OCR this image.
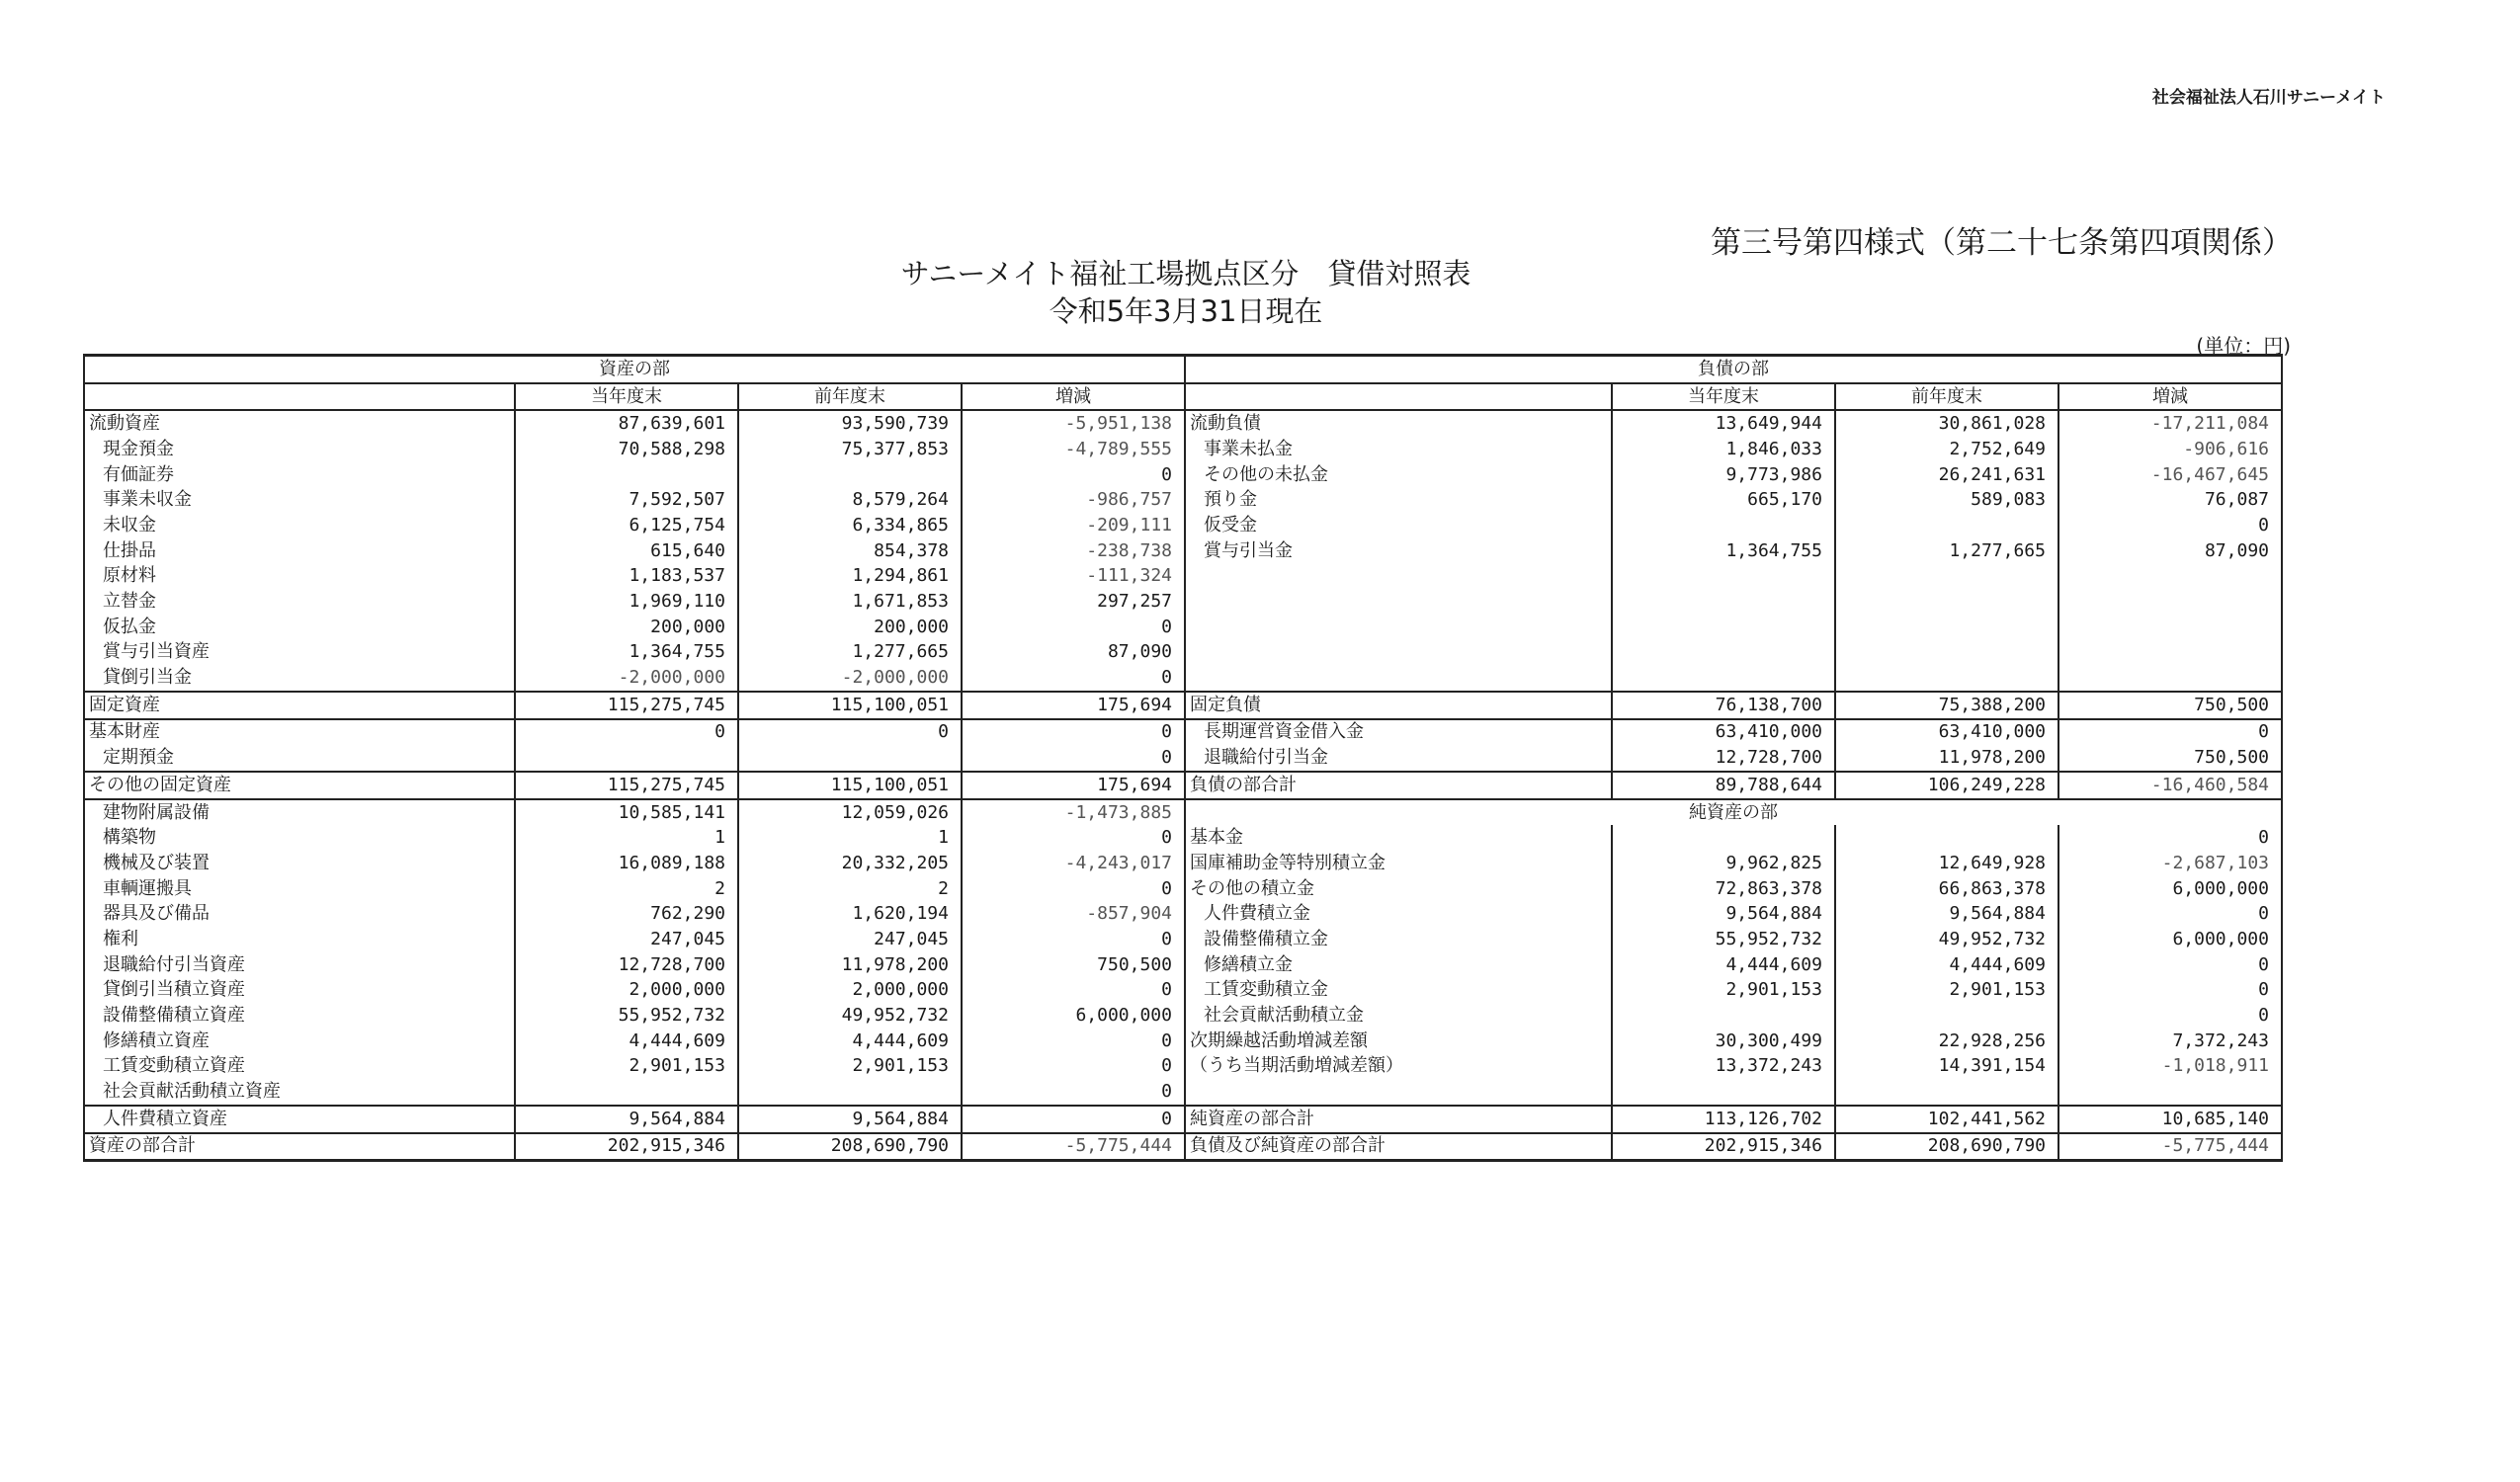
社会福祉法人石川サニーメイト
第三号第四様式（第二十七条第四項関係）
サニーメイト福祉工場拠点区分　貸借対照表
令和5年3月31日現在
(単位：円)
資産の部				負債の部			
	当年度末	前年度末	増減		当年度末	前年度末	増減
流動資産	87,639,601	93,590,739	-5,951,138	流動負債	13,649,944	30,861,028	-17,211,084
現金預金	70,588,298	75,377,853	-4,789,555	事業未払金	1,846,033	2,752,649	-906,616
有価証券			0	その他の未払金	9,773,986	26,241,631	-16,467,645
事業未収金	7,592,507	8,579,264	-986,757	預り金	665,170	589,083	76,087
未収金	6,125,754	6,334,865	-209,111	仮受金			0
仕掛品	615,640	854,378	-238,738	賞与引当金	1,364,755	1,277,665	87,090
原材料	1,183,537	1,294,861	-111,324				
立替金	1,969,110	1,671,853	297,257				
仮払金	200,000	200,000	0				
賞与引当資産	1,364,755	1,277,665	87,090				
貸倒引当金	-2,000,000	-2,000,000	0				
固定資産	115,275,745	115,100,051	175,694	固定負債	76,138,700	75,388,200	750,500
基本財産	0	0	0	長期運営資金借入金	63,410,000	63,410,000	0
定期預金			0	退職給付引当金	12,728,700	11,978,200	750,500
その他の固定資産	115,275,745	115,100,051	175,694	負債の部合計	89,788,644	106,249,228	-16,460,584
建物附属設備	10,585,141	12,059,026	-1,473,885	純資産の部			
構築物	1	1	0	基本金			0
機械及び装置	16,089,188	20,332,205	-4,243,017	国庫補助金等特別積立金	9,962,825	12,649,928	-2,687,103
車輌運搬具	2	2	0	その他の積立金	72,863,378	66,863,378	6,000,000
器具及び備品	762,290	1,620,194	-857,904	人件費積立金	9,564,884	9,564,884	0
権利	247,045	247,045	0	設備整備積立金	55,952,732	49,952,732	6,000,000
退職給付引当資産	12,728,700	11,978,200	750,500	修繕積立金	4,444,609	4,444,609	0
貸倒引当積立資産	2,000,000	2,000,000	0	工賃変動積立金	2,901,153	2,901,153	0
設備整備積立資産	55,952,732	49,952,732	6,000,000	社会貢献活動積立金			0
修繕積立資産	4,444,609	4,444,609	0	次期繰越活動増減差額	30,300,499	22,928,256	7,372,243
工賃変動積立資産	2,901,153	2,901,153	0	（うち当期活動増減差額）	13,372,243	14,391,154	-1,018,911
社会貢献活動積立資産			0				
人件費積立資産	9,564,884	9,564,884	0	純資産の部合計	113,126,702	102,441,562	10,685,140
資産の部合計	202,915,346	208,690,790	-5,775,444	負債及び純資産の部合計	202,915,346	208,690,790	-5,775,444
